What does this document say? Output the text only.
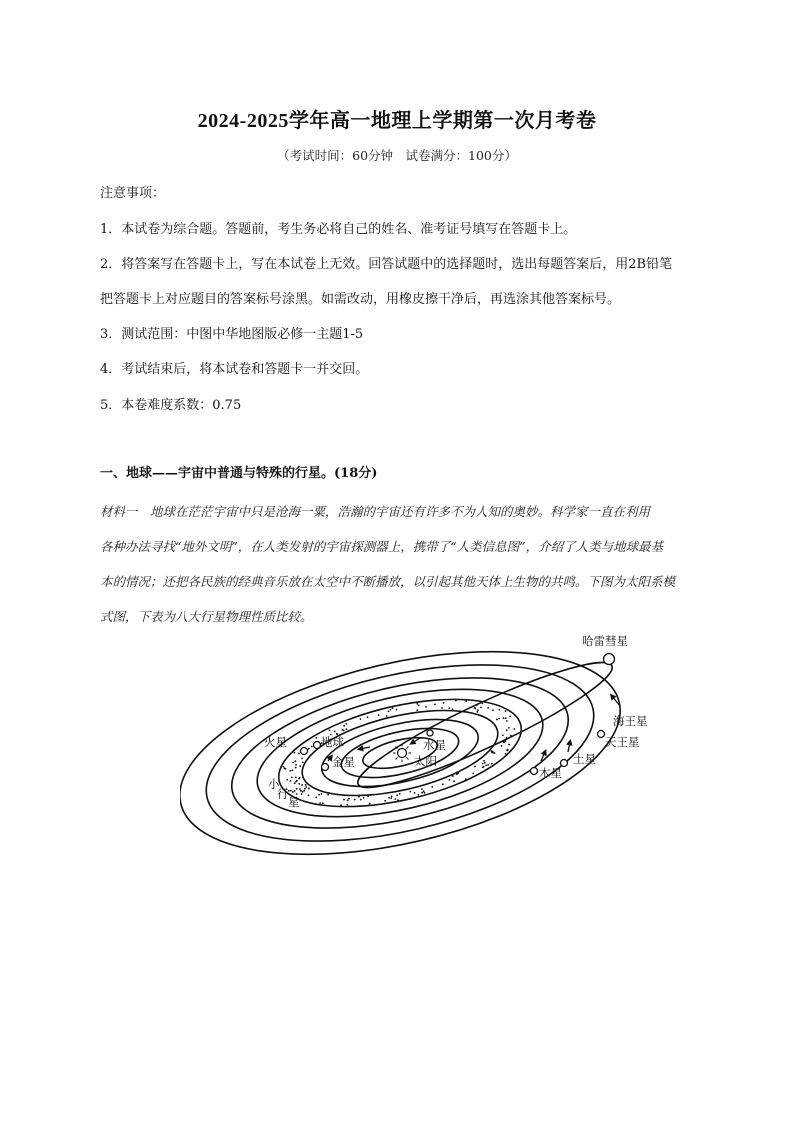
2024-2025学年高一地理上学期第一次月考卷
（考试时间：60分钟　试卷满分：100分）
注意事项：
1．本试卷为综合题。答题前，考生务必将自己的姓名、准考证号填写在答题卡上。
2．将答案写在答题卡上，写在本试卷上无效。回答试题中的选择题时，选出每题答案后，用2B铅笔
把答题卡上对应题目的答案标号涂黑。如需改动，用橡皮擦干净后，再选涂其他答案标号。
3．测试范围：中图中华地图版必修一主题1-5
4．考试结束后，将本试卷和答题卡一并交回。
5．本卷难度系数：0.75
一、地球——宇宙中普通与特殊的行星。(18分)
材料一　地球在茫茫宇宙中只是沧海一粟，浩瀚的宇宙还有许多不为人知的奥妙。科学家一直在利用
各种办法寻找“地外文明”，在人类发射的宇宙探测器上，携带了“人类信息图”，介绍了人类与地球最基
本的情况；还把各民族的经典音乐放在太空中不断播放，以引起其他天体上生物的共鸣。下图为太阳系模
式图，下表为八大行星物理性质比较。
哈雷彗星
海王星
天王星
土星
木星
火星	地球
金星
水星
太阳
小
行
星
